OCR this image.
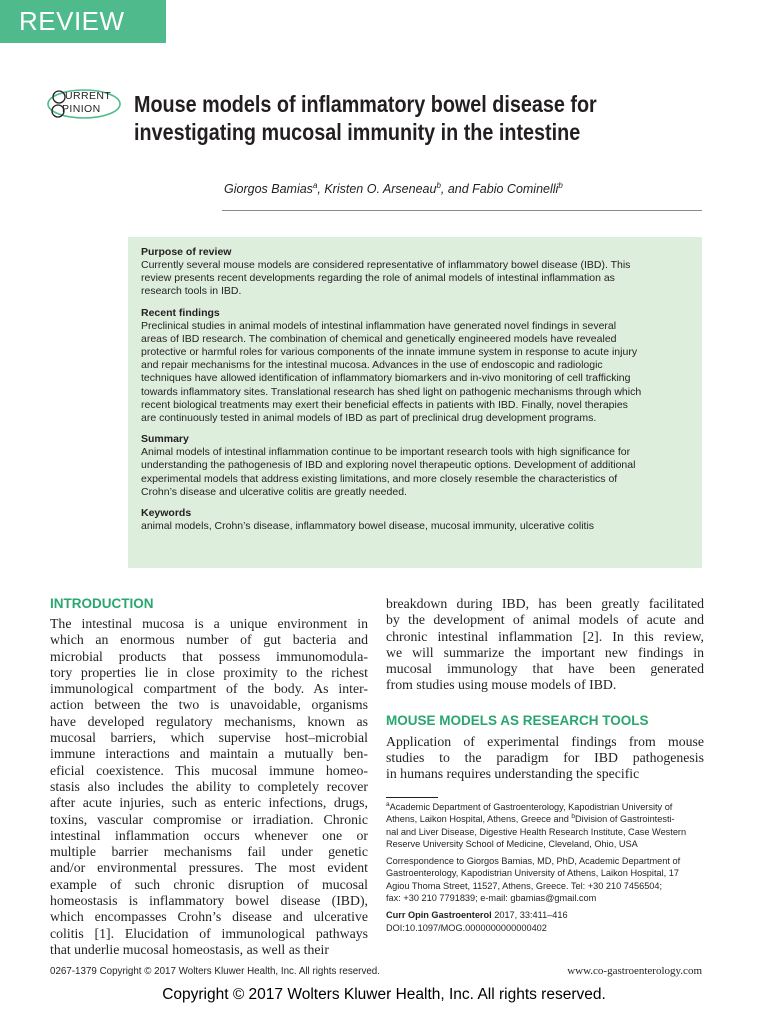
REVIEW
URRENT
PINION Mouse models of inflammatory bowel disease for
investigating mucosal immunity in the intestine
Giorgos Bamias$^a$, Kristen O. Arseneau$^b$, and Fabio Cominelli$^b$
Purpose of review
Currently several mouse models are considered representative of inflammatory bowel disease (IBD). This
review presents recent developments regarding the role of animal models of intestinal inflammation as
research tools in IBD.
Recent findings
Preclinical studies in animal models of intestinal inflammation have generated novel findings in several
areas of IBD research. The combination of chemical and genetically engineered models have revealed
protective or harmful roles for various components of the innate immune system in response to acute injury
and repair mechanisms for the intestinal mucosa. Advances in the use of endoscopic and radiologic
techniques have allowed identification of inflammatory biomarkers and in-vivo monitoring of cell trafficking
towards inflammatory sites. Translational research has shed light on pathogenic mechanisms through which
recent biological treatments may exert their beneficial effects in patients with IBD. Finally, novel therapies
are continuously tested in animal models of IBD as part of preclinical drug development programs.
Summary
Animal models of intestinal inflammation continue to be important research tools with high significance for
understanding the pathogenesis of IBD and exploring novel therapeutic options. Development of additional
experimental models that address existing limitations, and more closely resemble the characteristics of
Crohn’s disease and ulcerative colitis are greatly needed.
Keywords
animal models, Crohn’s disease, inflammatory bowel disease, mucosal immunity, ulcerative colitis
INTRODUCTION
The intestinal mucosa is a unique environment in
which an enormous number of gut bacteria and
microbial products that possess immunomodula-
tory properties lie in close proximity to the richest
immunological compartment of the body. As inter-
action between the two is unavoidable, organisms
have developed regulatory mechanisms, known as
mucosal barriers, which supervise host–microbial
immune interactions and maintain a mutually ben-
eficial coexistence. This mucosal immune homeo-
stasis also includes the ability to completely recover
after acute injuries, such as enteric infections, drugs,
toxins, vascular compromise or irradiation. Chronic
intestinal inflammation occurs whenever one or
multiple barrier mechanisms fail under genetic
and/or environmental pressures. The most evident
example of such chronic disruption of mucosal
homeostasis is inflammatory bowel disease (IBD),
which encompasses Crohn’s disease and ulcerative
colitis [1]. Elucidation of immunological pathways
that underlie mucosal homeostasis, as well as their
breakdown during IBD, has been greatly facilitated
by the development of animal models of acute and
chronic intestinal inflammation [2]. In this review,
we will summarize the important new findings in
mucosal immunology that have been generated
from studies using mouse models of IBD.
MOUSE MODELS AS RESEARCH TOOLS
Application of experimental findings from mouse
studies to the paradigm for IBD pathogenesis
in humans requires understanding the specific
$^a$Academic Department of Gastroenterology, Kapodistrian University of
Athens, Laikon Hospital, Athens, Greece and $^b$Division of Gastrointesti-
nal and Liver Disease, Digestive Health Research Institute, Case Western
Reserve University School of Medicine, Cleveland, Ohio, USA
Correspondence to Giorgos Bamias, MD, PhD, Academic Department of
Gastroenterology, Kapodistrian University of Athens, Laikon Hospital, 17
Agiou Thoma Street, 11527, Athens, Greece. Tel: +30 210 7456504;
fax: +30 210 7791839; e-mail: gbamias@gmail.com
Curr Opin Gastroenterol 2017, 33:411–416
DOI:10.1097/MOG.0000000000000402
0267-1379 Copyright © 2017 Wolters Kluwer Health, Inc. All rights reserved.	www.co-gastroenterology.com
Copyright © 2017 Wolters Kluwer Health, Inc. All rights reserved.
